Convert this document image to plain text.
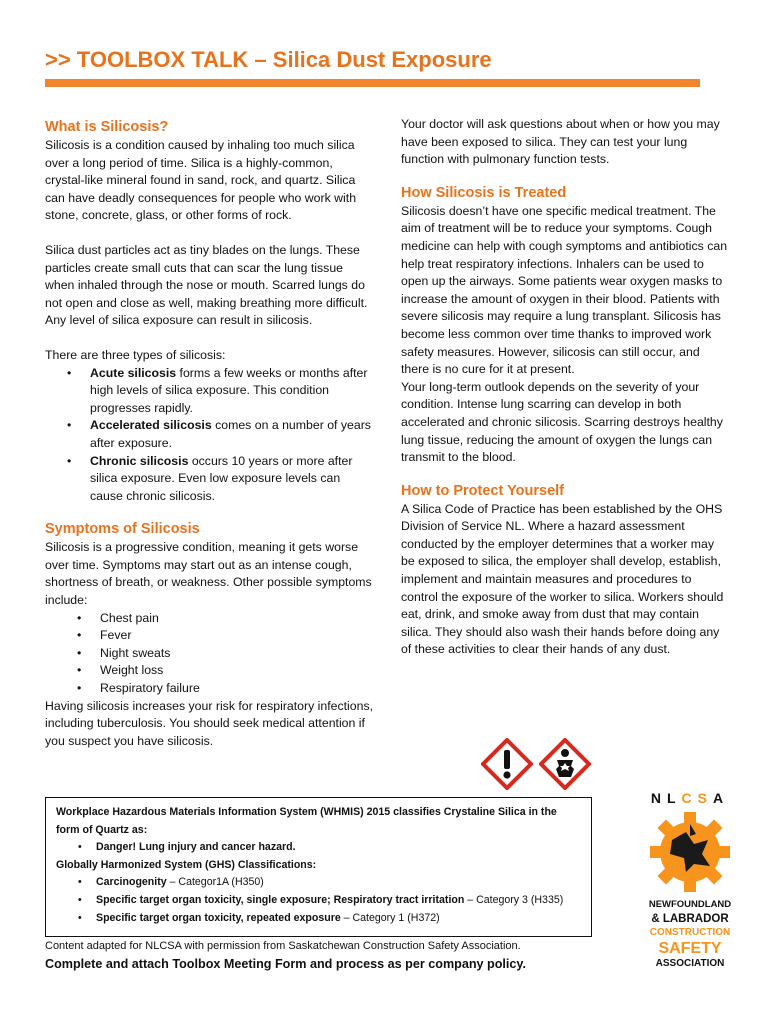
>> TOOLBOX TALK – Silica Dust Exposure
What is Silicosis?

Silicosis is a condition caused by inhaling too much silica over a long period of time. Silica is a highly-common, crystal-like mineral found in sand, rock, and quartz. Silica can have deadly consequences for people who work with stone, concrete, glass, or other forms of rock.

Silica dust particles act as tiny blades on the lungs. These particles create small cuts that can scar the lung tissue when inhaled through the nose or mouth. Scarred lungs do not open and close as well, making breathing more difficult. Any level of silica exposure can result in silicosis.

There are three types of silicosis:

• Acute silicosis forms a few weeks or months after high levels of silica exposure. This condition progresses rapidly.
• Accelerated silicosis comes on a number of years after exposure.
• Chronic silicosis occurs 10 years or more after silica exposure. Even low exposure levels can cause chronic silicosis.
Symptoms of Silicosis

Silicosis is a progressive condition, meaning it gets worse over time. Symptoms may start out as an intense cough, shortness of breath, or weakness. Other possible symptoms include:

• Chest pain
• Fever
• Night sweats
• Weight loss
• Respiratory failure

Having silicosis increases your risk for respiratory infections, including tuberculosis. You should seek medical attention if you suspect you have silicosis.

Your doctor will ask questions about when or how you may have been exposed to silica. They can test your lung function with pulmonary function tests.

How Silicosis is Treated

Silicosis doesn’t have one specific medical treatment. The aim of treatment will be to reduce your symptoms. Cough medicine can help with cough symptoms and antibiotics can help treat respiratory infections. Inhalers can be used to open up the airways. Some patients wear oxygen masks to increase the amount of oxygen in their blood. Patients with severe silicosis may require a lung transplant. Silicosis has become less common over time thanks to improved work safety measures. However, silicosis can still occur, and there is no cure for it at present.

Your long-term outlook depends on the severity of your condition. Intense lung scarring can develop in both accelerated and chronic silicosis. Scarring destroys healthy lung tissue, reducing the amount of oxygen the lungs can transmit to the blood.

How to Protect Yourself

A Silica Code of Practice has been established by the OHS Division of Service NL. Where a hazard assessment conducted by the employer determines that a worker may be exposed to silica, the employer shall develop, establish, implement and maintain measures and procedures to control the exposure of the worker to silica. Workers should eat, drink, and smoke away from dust that may contain silica. They should also wash their hands before doing any of these activities to clear their hands of any dust.

Workplace Hazardous Materials Information System (WHMIS) 2015 classifies Crystaline Silica in the form of Quartz as:

• Danger! Lung injury and cancer hazard.

Globally Harmonized System (GHS) Classifications:

• Carcinogenity – Categor1A (H350)
• Specific target organ toxicity, single exposure; Respiratory tract irritation – Category 3 (H335)
• Specific target organ toxicity, repeated exposure – Category 1 (H372)
Content adapted for NLCSA with permission from Saskatchewan Construction Safety Association.
Complete and attach Toolbox Meeting Form and process as per company policy.
NLCSA
NEWFOUNDLAND
& LABRADOR
CONSTRUCTION
SAFETY
ASSOCIATION
